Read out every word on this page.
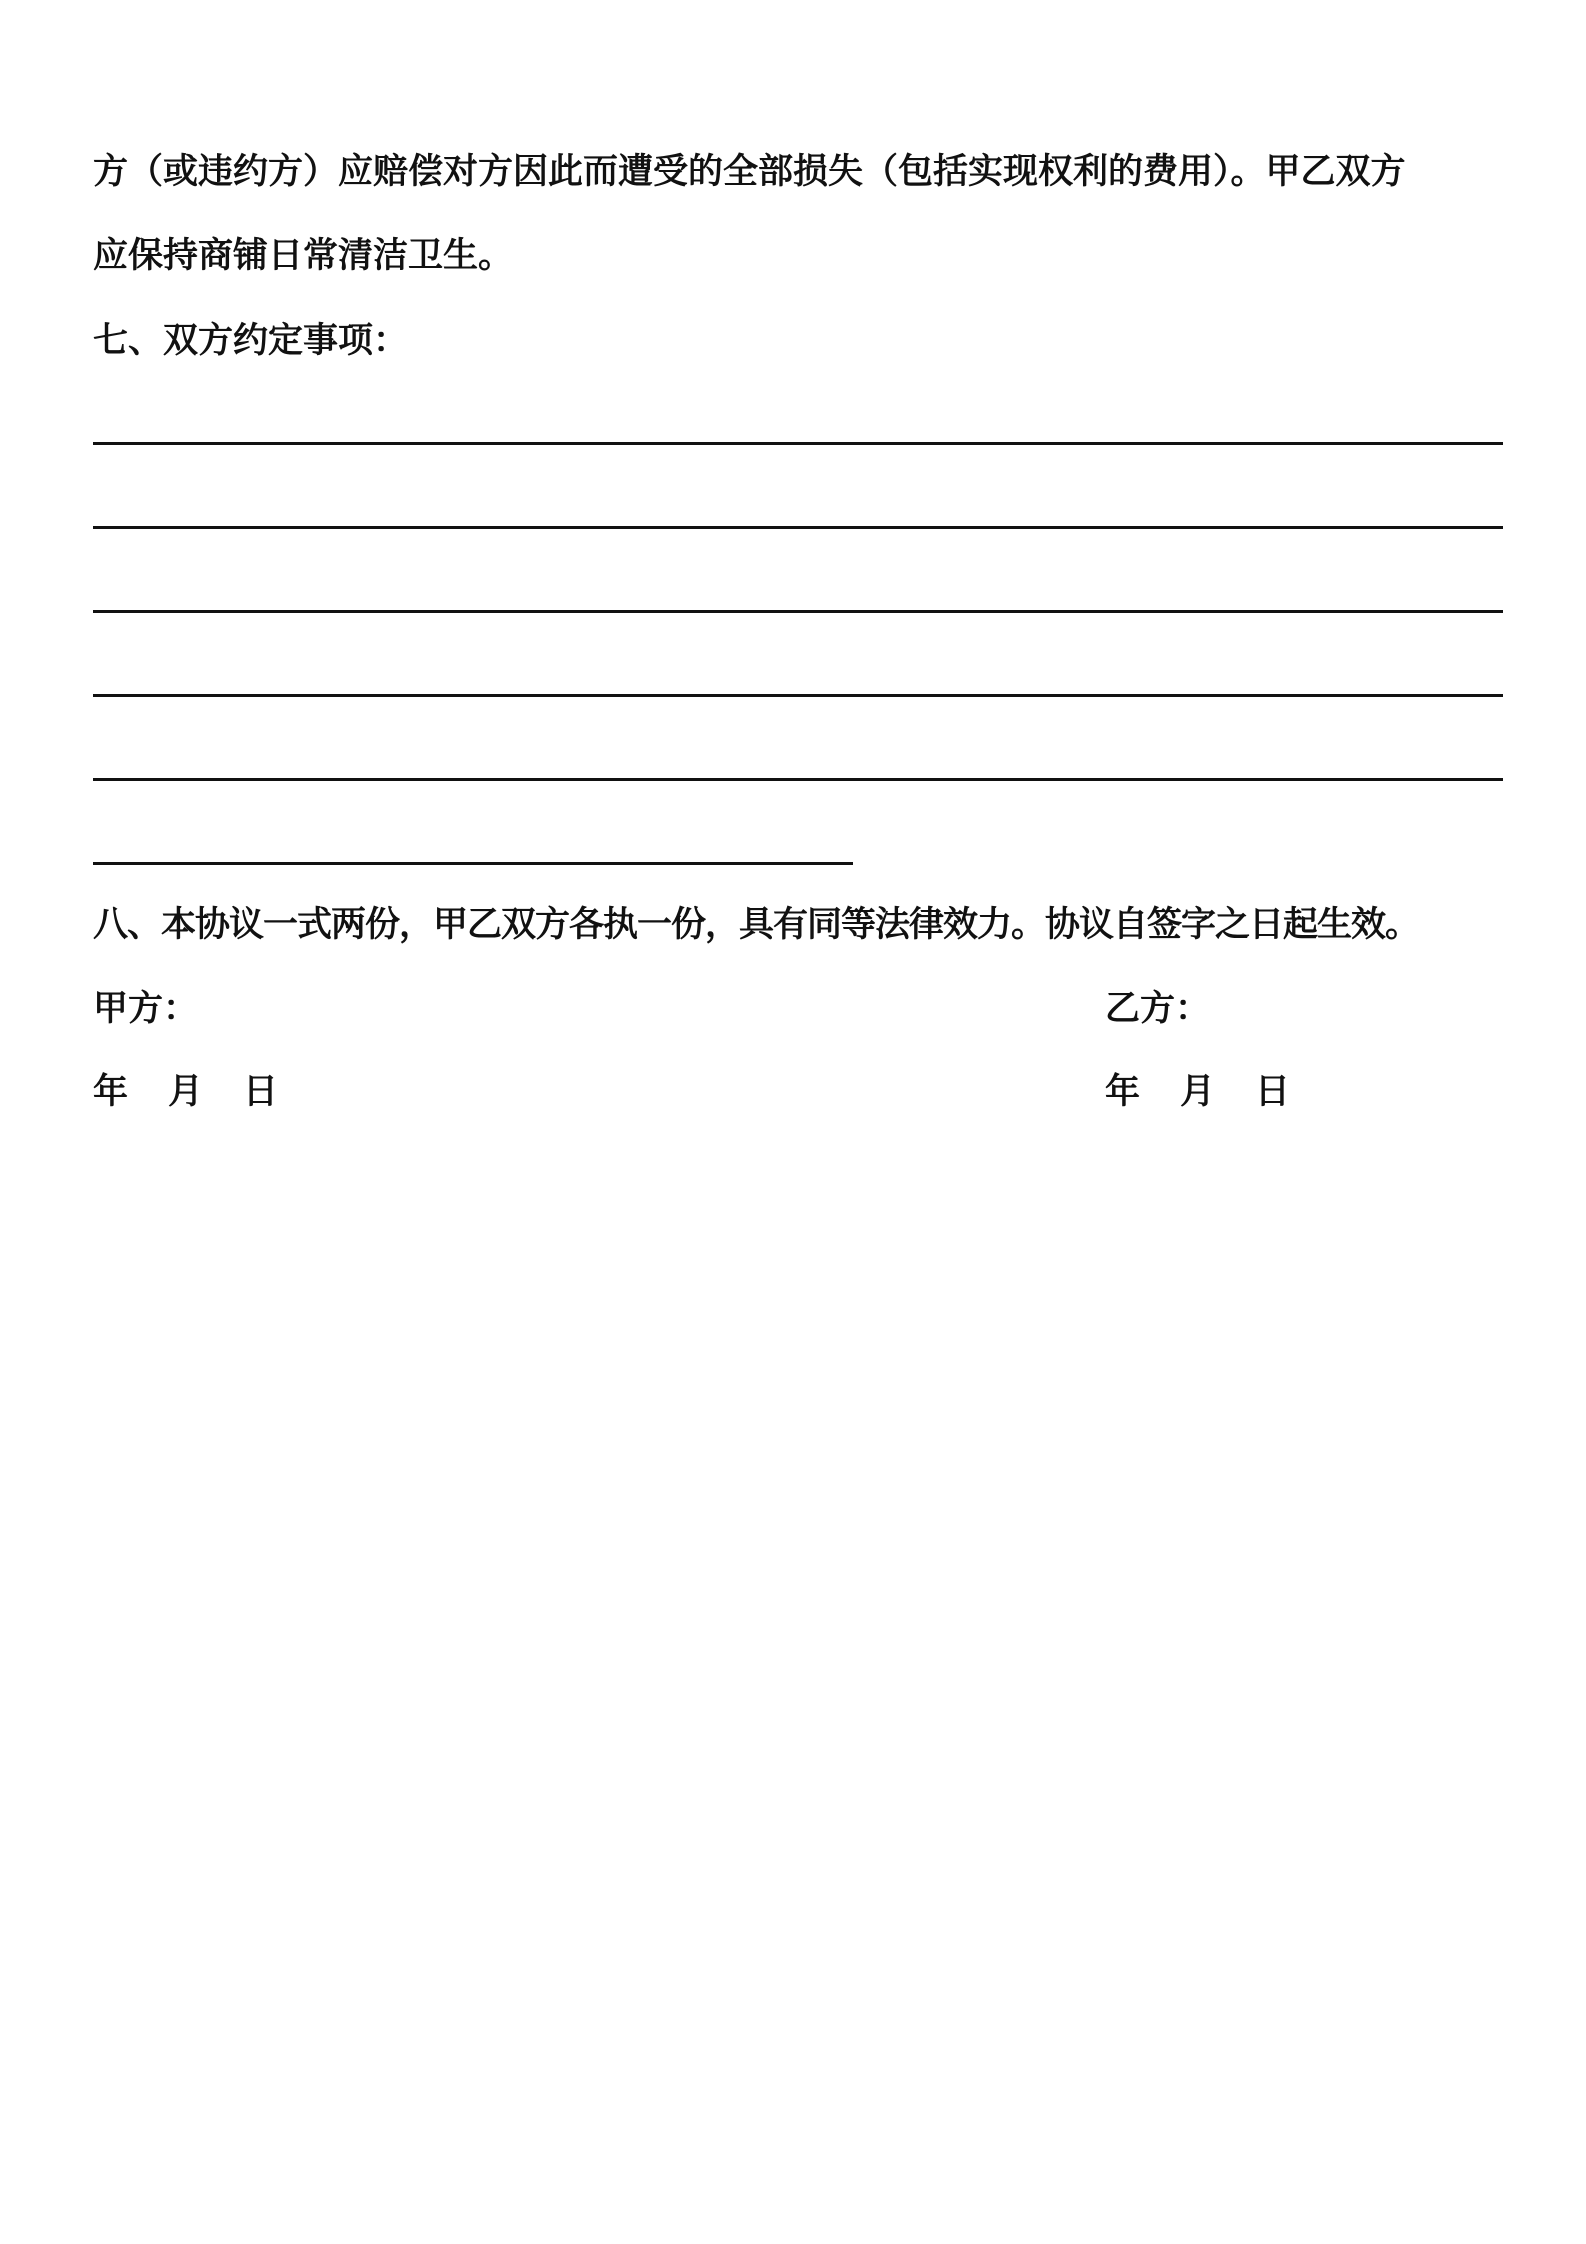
方（或违约方）应赔偿对方因此而遭受的全部损失（包括实现权利的费用）。甲乙双方
应保持商铺日常清洁卫生。
七、双方约定事项：
八、本协议一式两份，甲乙双方各执一份，具有同等法律效力。协议自签字之日起生效。
甲方：	乙方：
年 月 日	年 月 日
